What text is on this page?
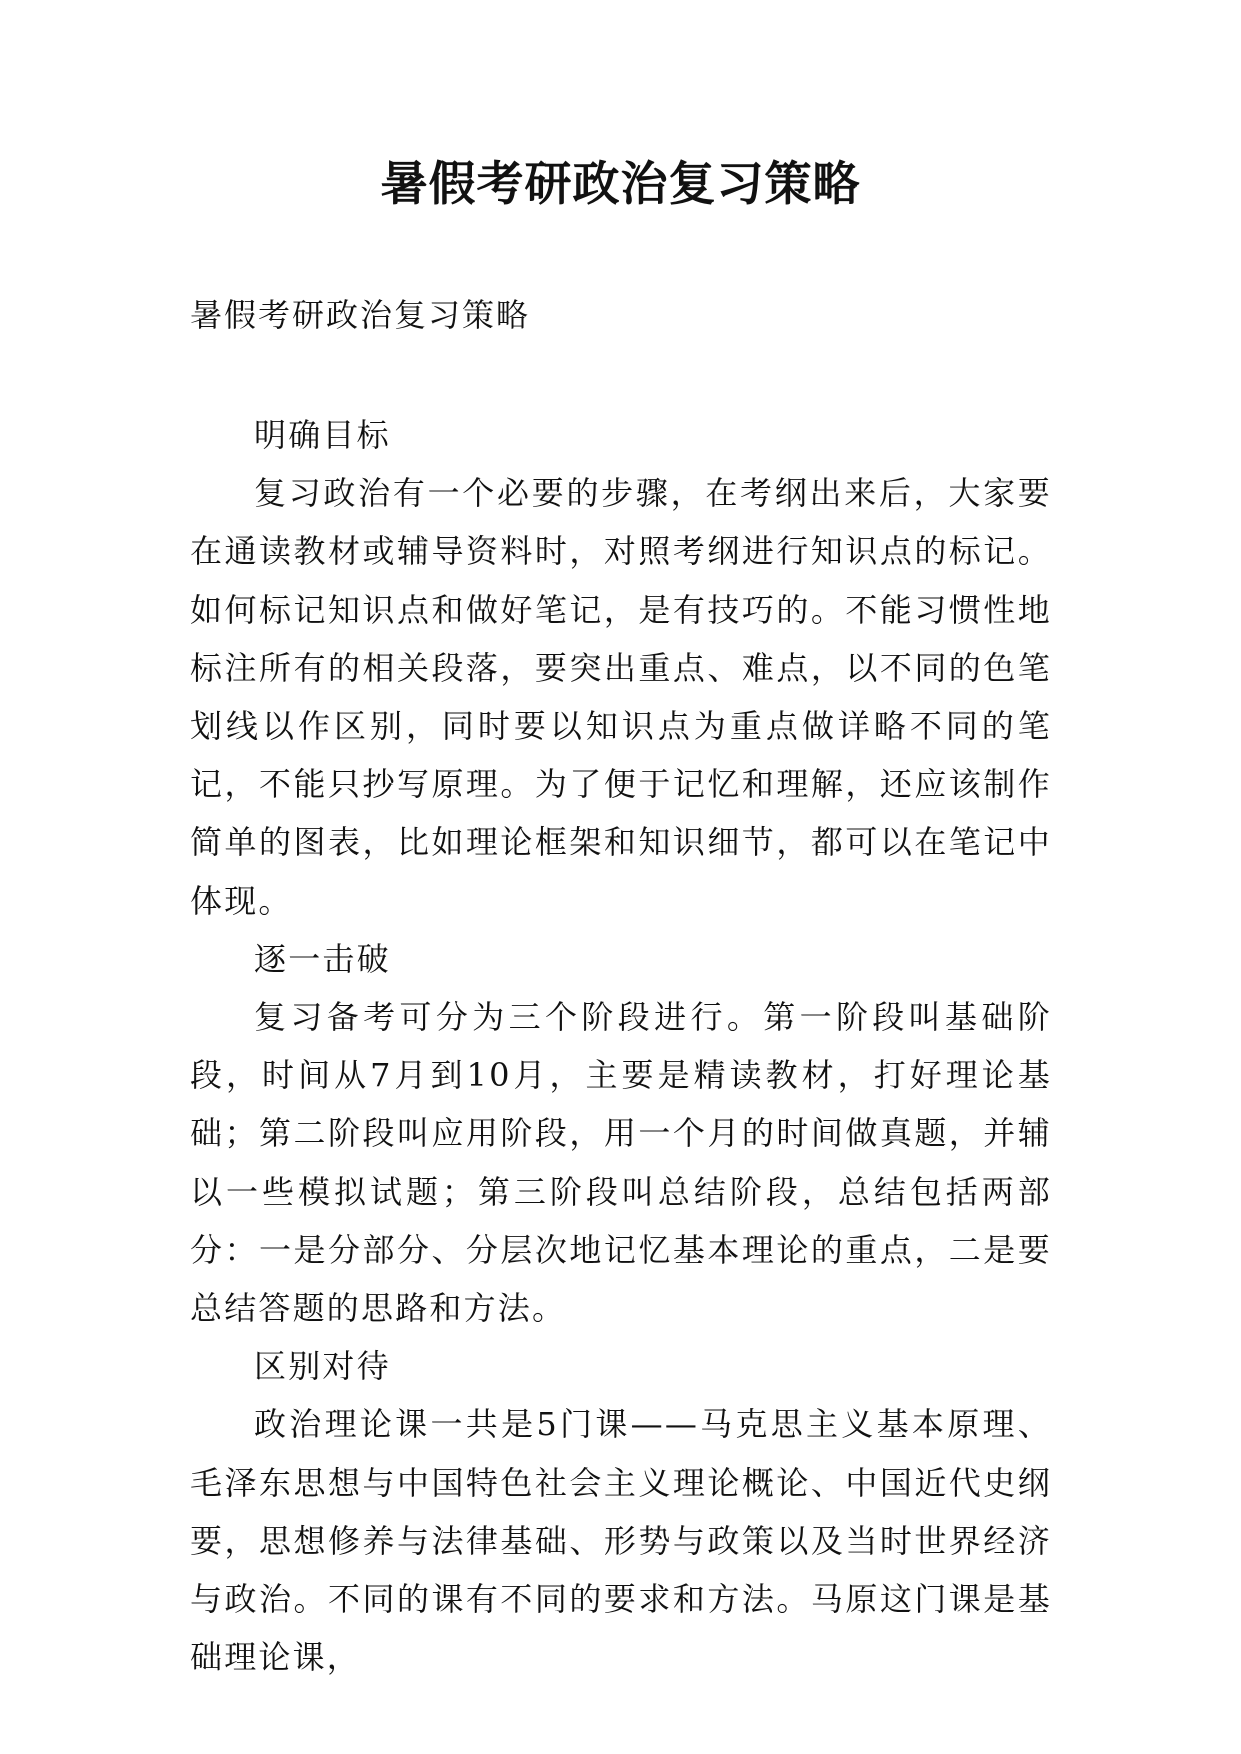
暑假考研政治复习策略

暑假考研政治复习策略

明确目标

复习政治有一个必要的步骤，在考纲出来后，大家要在通读教材或辅导资料时，对照考纲进行知识点的标记。如何标记知识点和做好笔记，是有技巧的。不能习惯性地标注所有的相关段落，要突出重点、难点，以不同的色笔划线以作区别，同时要以知识点为重点做详略不同的笔记，不能只抄写原理。为了便于记忆和理解，还应该制作简单的图表，比如理论框架和知识细节，都可以在笔记中体现。

逐一击破

复习备考可分为三个阶段进行。第一阶段叫基础阶段，时间从7月到10月，主要是精读教材，打好理论基础；第二阶段叫应用阶段，用一个月的时间做真题，并辅以一些模拟试题；第三阶段叫总结阶段，总结包括两部分：一是分部分、分层次地记忆基本理论的重点，二是要总结答题的思路和方法。

区别对待

政治理论课一共是5门课——马克思主义基本原理、毛泽东思想与中国特色社会主义理论概论、中国近代史纲要，思想修养与法律基础、形势与政策以及当时世界经济与政治。不同的课有不同的要求和方法。马原这门课是基础理论课，
